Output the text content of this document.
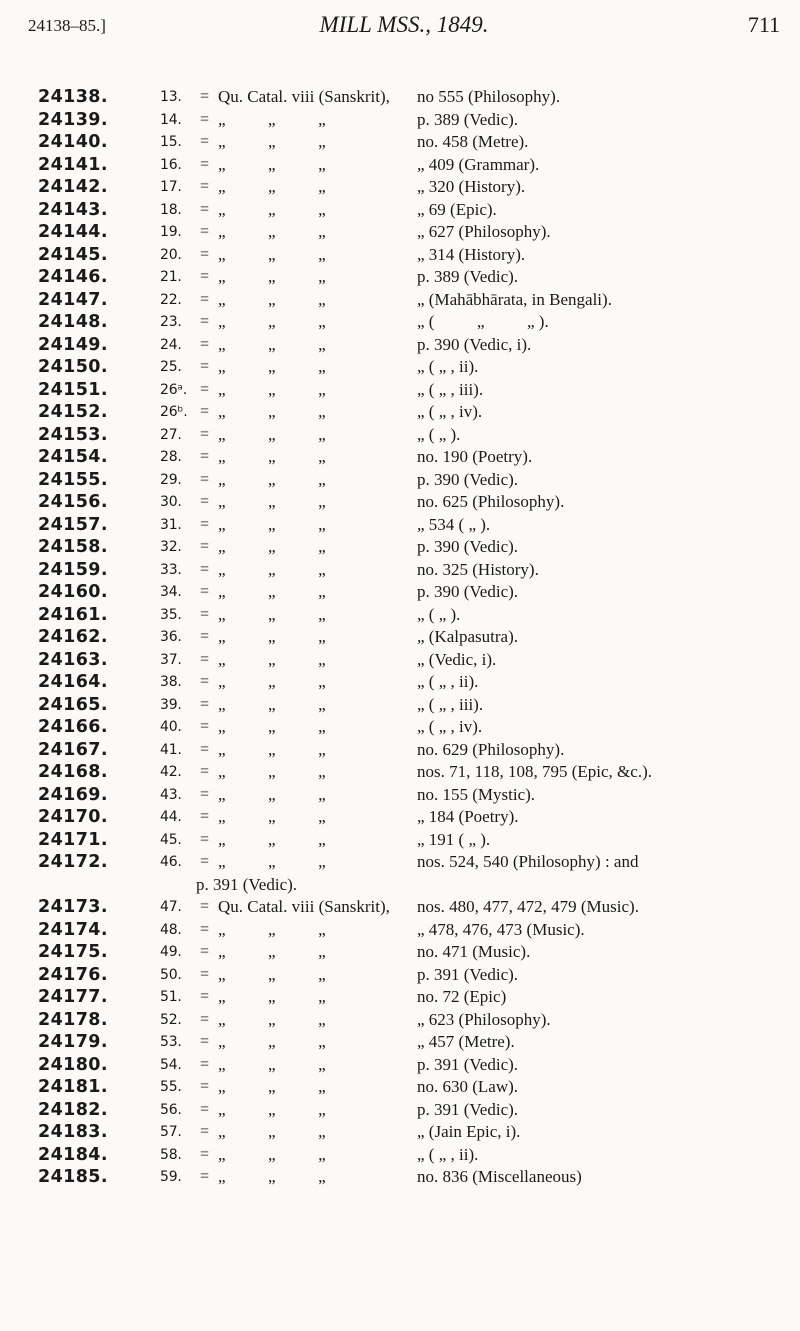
24138–85.]	MILL MSS., 1849.	711
24138.	13. = Qu. Catal. viii (Sanskrit), no 555 (Philosophy).
24139.	14. = „          „          „	p. 389 (Vedic).
24140.	15. = „          „          „	no. 458 (Metre).
24141.	16. = „          „          „	„ 409 (Grammar).
24142.	17. = „          „          „	„ 320 (History).
24143.	18. = „          „          „	„ 69 (Epic).
24144.	19. = „          „          „	„ 627 (Philosophy).
24145.	20. = „          „          „	„ 314 (History).
24146.	21. = „          „          „	p. 389 (Vedic).
24147.	22. = „          „          „	„ (Mahābhārata, in Bengali).
24148.	23. = „          „          „	„ (          „          „ ).
24149.	24. = „          „          „	p. 390 (Vedic, i).
24150.	25. = „          „          „	„ ( „ , ii).
24151.	26ᵃ. = „          „          „	„ ( „ , iii).
24152.	26ᵇ. = „          „          „	„ ( „ , iv).
24153.	27. = „          „          „	„ ( „ ).
24154.	28. = „          „          „	no. 190 (Poetry).
24155.	29. = „          „          „	p. 390 (Vedic).
24156.	30. = „          „          „	no. 625 (Philosophy).
24157.	31. = „          „          „	„ 534 ( „ ).
24158.	32. = „          „          „	p. 390 (Vedic).
24159.	33. = „          „          „	no. 325 (History).
24160.	34. = „          „          „	p. 390 (Vedic).
24161.	35. = „          „          „	„ ( „ ).
24162.	36. = „          „          „	„ (Kalpasutra).
24163.	37. = „          „          „	„ (Vedic, i).
24164.	38. = „          „          „	„ ( „ , ii).
24165.	39. = „          „          „	„ ( „ , iii).
24166.	40. = „          „          „	„ ( „ , iv).
24167.	41. = „          „          „	no. 629 (Philosophy).
24168.	42. = „          „          „	nos. 71, 118, 108, 795 (Epic, &c.).
24169.	43. = „          „          „	no. 155 (Mystic).
24170.	44. = „          „          „	„ 184 (Poetry).
24171.	45. = „          „          „	„ 191 ( „ ).
24172.	46. = „          „          „	nos. 524, 540 (Philosophy) : and
p. 391 (Vedic).
24173.	47. = Qu. Catal. viii (Sanskrit), nos. 480, 477, 472, 479 (Music).
24174.	48. = „          „          „	„ 478, 476, 473 (Music).
24175.	49. = „          „          „	no. 471 (Music).
24176.	50. = „          „          „	p. 391 (Vedic).
24177.	51. = „          „          „	no. 72 (Epic)
24178.	52. = „          „          „	„ 623 (Philosophy).
24179.	53. = „          „          „	„ 457 (Metre).
24180.	54. = „          „          „	p. 391 (Vedic).
24181.	55. = „          „          „	no. 630 (Law).
24182.	56. = „          „          „	p. 391 (Vedic).
24183.	57. = „          „          „	„ (Jain Epic, i).
24184.	58. = „          „          „	„ ( „ , ii).
24185.	59. = „          „          „	no. 836 (Miscellaneous)
